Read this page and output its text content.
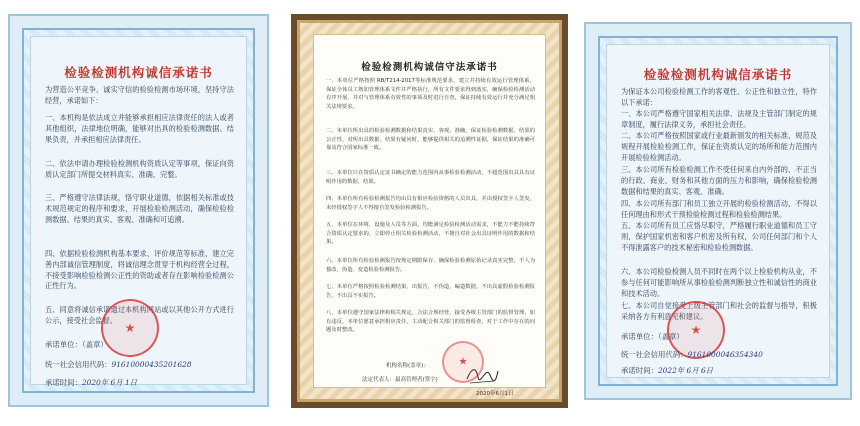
检验检测机构诚信承诺书
为营造公平竞争、诚实守信的检验检测市场环境，坚持守法经营，承诺如下：
一、本机构是依法成立并能够承担相应法律责任的法人或者其他组织，法律地位明确，能够对出具的检验检测数据、结果负责，并承担相应法律责任。
二、依法申请办理检验检测机构资质认定等事项，保证向资质认定部门所提交材料真实、准确、完整。
三、严格遵守法律法规，恪守职业道德，依据相关标准或技术规范规定的程序和要求，开展检验检测活动，确保检验检测数据、结果的真实、客观、准确和可追溯。
四、依据检验检测机构基本要求、评价规范等标准，建立完善内部诚信管理制度，将诚信理念贯穿于机构经营全过程，不接受影响检验检测公正性的资助或者存在影响检验检测公正性行为。
五、同意将诚信承诺通过本机构网站或以其他公开方式进行公示，接受社会监督。
★
承诺单位：（盖章）
统一社会信用代码：91610000435201628
承诺时间：2020年 6月 1日
检验检测机构诚信守法承诺书
一、本单位严格按照 RB/T214-2017等标准规范要求，建立并持续有效运行管理体系，保证全体员工熟知管理体系文件并严格执行，所有文件要求得到落实，确保检验检测活动有序开展，并对与管理体系有效性的事项及时进行自查，保证持续有效运行并充分满足相关法规要求。
二、本单位所出具的检验检测数据和结果真实、客观、准确，保证检验检测数据、结果的公正性，对所出具数据、结果有疑问时，能够提供相关的追溯性证据，保证结果的准确可靠及符合国家标准一致。
三、本单位只在资质认定证书确定的能力范围内从事检验检测活动，不超范围出具具有证明作用的数据、结果。
四、本单位所有检验检测报告均由具有相应检验资格的人员出具，并由授权签字人签发，未经授权签字人不得擅自签发检验检测报告。
五、本单位在环境、设施及人员等方面，均能满足检验检测活动需求，不能力不能持续符合资质认定要求的，立即停止相关检验检测活动，不擅自对社会出具证明作用的数据和结果。
六、本单位所有检验检测报告按规定期限保存，确保检验检测原始记录真实完整，不人为篡改、伪造、变造检验检测报告。
七、本单位严格按照检验检测结果，出报告，不伪造、编造数据，不出具虚假检验检测报告，不出具不实报告。
八、本单位遵守国家法律和相关规定，合法合规经营，接受各级主管部门的监督管理，如有违反，本单位愿意承担相应责任，主动配合相关部门的监督检查，对于工作中存在的问题及时整改。
机构名称(盖章)：
法定代表人：最高管理者(签字)
★
2020年6月1日
检验检测机构诚信承诺书
为保证本公司检验检测工作的客观性、公正性和独立性，特作以下承诺：
一、本公司严格遵守国家相关法律、法规及主管部门制定的规章制度，履行法律义务，承担社会责任。
二、本公司严格按照国家或行业最新颁发的相关标准、规范及规程开展检验检测工作，保证在资质认定的场所和能力范围内开展检验检测活动。
三、本公司所有检验检测工作不受任何来自内外部的、不正当的行政、商业、财务和其他方面的压力和影响，确保检验检测数据和结果的真实、客观、准确。
四、本公司所有部门和员工独立开展的检验检测活动，不得以任何理由和形式干预检验检测过程和检验检测结果。
五、本公司所有员工应恪尽职守，严格履行职业道德和员工守则，保护国家机密和客户机密及所有权，公司任何部门和个人不得泄露客户的技术秘密和检验检测数据。
六、本公司检验检测人员不同时在两个以上检验机构从业，不参与任何可能影响所从事检验检测判断独立性和诚信性的商业和技术活动。
七、本公司自觉接受上级主管部门和社会的监督与指导，积极采纳各方有利意见和建议。
★
承诺单位：（盖章）
统一社会信用代码：9161000046354340
承诺时间：2022年 6月 6日
